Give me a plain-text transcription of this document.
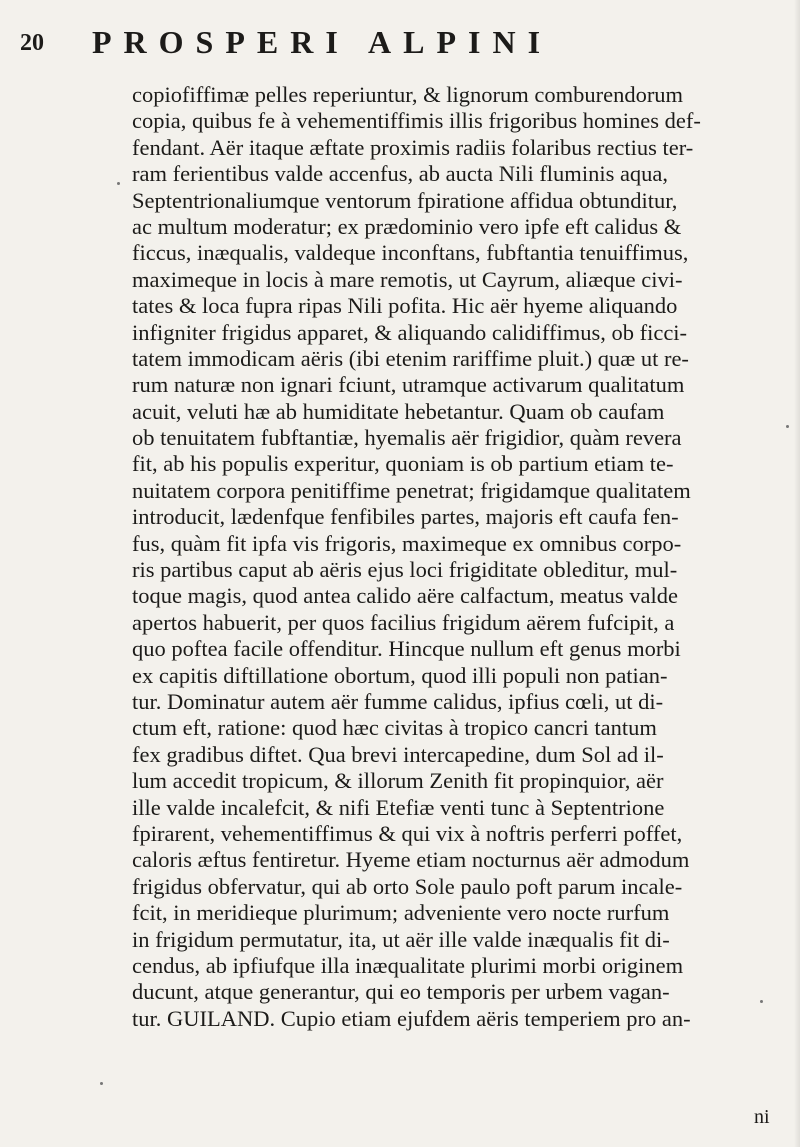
20 PROSPERI ALPINI
copiofiffimæ pelles reperiuntur, & lignorum comburendorum
copia, quibus fe à vehementiffimis illis frigoribus homines def-
fendant. Aër itaque æftate proximis radiis folaribus rectius ter-
ram ferientibus valde accenfus, ab aucta Nili fluminis aqua,
Septentrionaliumque ventorum fpiratione affidua obtunditur,
ac multum moderatur; ex prædominio vero ipfe eft calidus &
ficcus, inæqualis, valdeque inconftans, fubftantia tenuiffimus,
maximeque in locis à mare remotis, ut Cayrum, aliæque civi-
tates & loca fupra ripas Nili pofita. Hic aër hyeme aliquando
infigniter frigidus apparet, & aliquando calidiffimus, ob ficci-
tatem immodicam aëris (ibi etenim rariffime pluit.) quæ ut re-
rum naturæ non ignari fciunt, utramque activarum qualitatum
acuit, veluti hæ ab humiditate hebetantur. Quam ob caufam
ob tenuitatem fubftantiæ, hyemalis aër frigidior, quàm revera
fit, ab his populis experitur, quoniam is ob partium etiam te-
nuitatem corpora penitiffime penetrat; frigidamque qualitatem
introducit, lædenfque fenfibiles partes, majoris eft caufa fen-
fus, quàm fit ipfa vis frigoris, maximeque ex omnibus corpo-
ris partibus caput ab aëris ejus loci frigiditate obleditur, mul-
toque magis, quod antea calido aëre calfactum, meatus valde
apertos habuerit, per quos facilius frigidum aërem fufcipit, a
quo poftea facile offenditur. Hincque nullum eft genus morbi
ex capitis diftillatione obortum, quod illi populi non patian-
tur. Dominatur autem aër fumme calidus, ipfius cœli, ut di-
ctum eft, ratione: quod hæc civitas à tropico cancri tantum
fex gradibus diftet. Qua brevi intercapedine, dum Sol ad il-
lum accedit tropicum, & illorum Zenith fit propinquior, aër
ille valde incalefcit, & nifi Etefiæ venti tunc à Septentrione
fpirarent, vehementiffimus & qui vix à noftris perferri poffet,
caloris æftus fentiretur. Hyeme etiam nocturnus aër admodum
frigidus obfervatur, qui ab orto Sole paulo poft parum incale-
fcit, in meridieque plurimum; adveniente vero nocte rurfum
in frigidum permutatur, ita, ut aër ille valde inæqualis fit di-
cendus, ab ipfiufque illa inæqualitate plurimi morbi originem
ducunt, atque generantur, qui eo temporis per urbem vagan-
tur. GUILAND. Cupio etiam ejufdem aëris temperiem pro an-
ni
